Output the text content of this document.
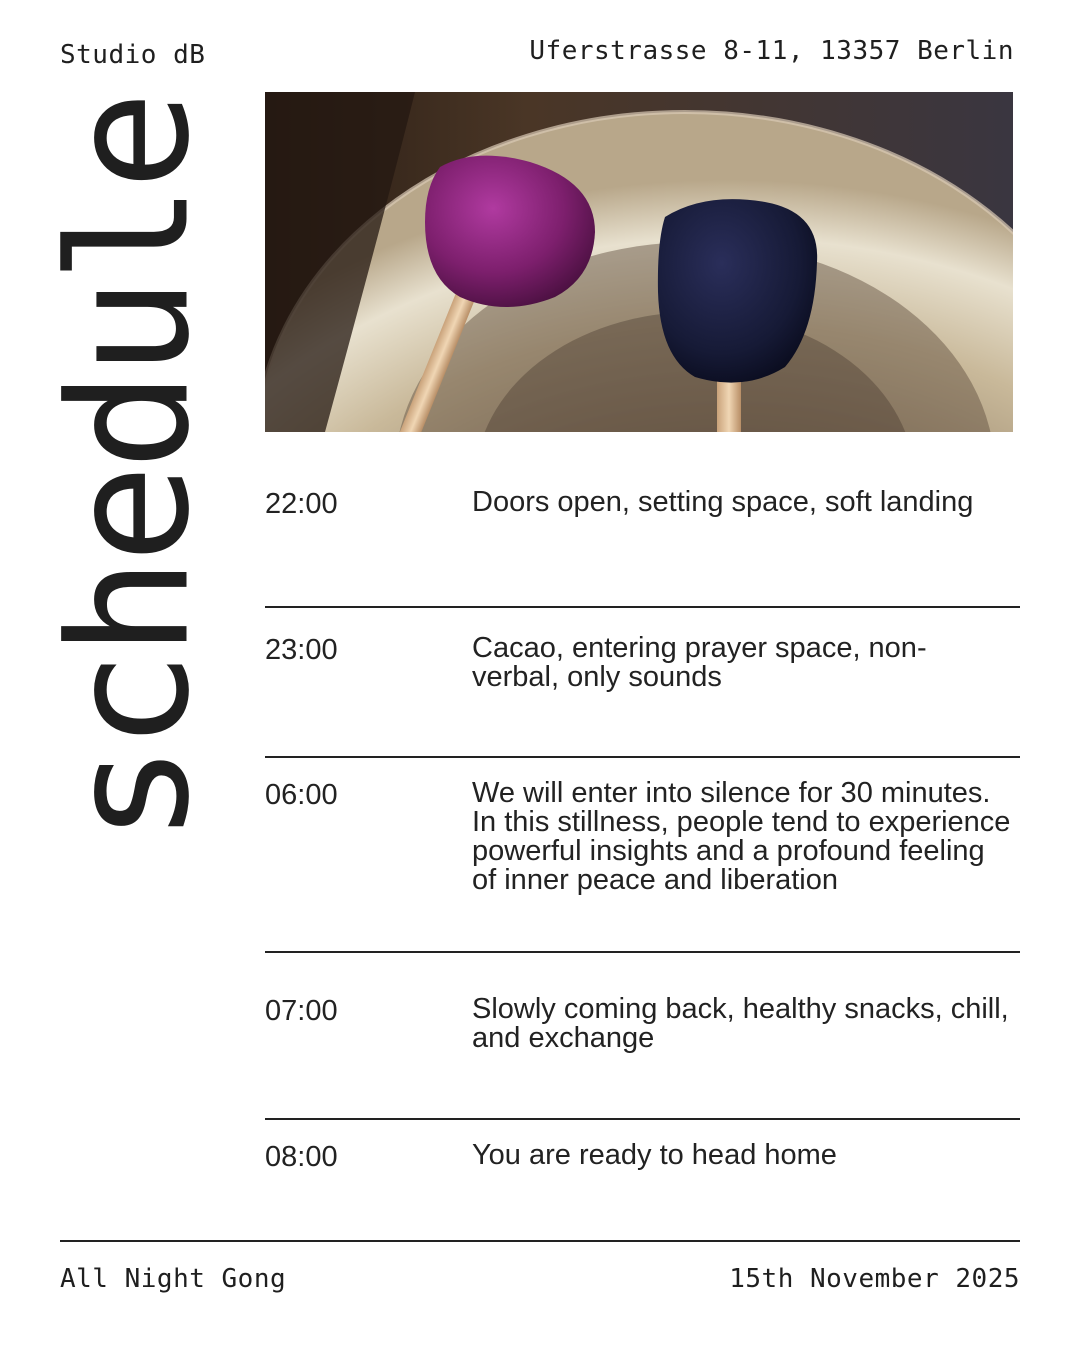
Studio dB	Uferstrasse 8-11, 13357 Berlin
schedule 22:00	Doors open, setting space, soft landing
23:00	Cacao, entering prayer space, non-verbal, only sounds
06:00	We will enter into silence for 30 minutes. In this stillness, people tend to experience powerful insights and a profound feeling of inner peace and liberation
07:00	Slowly coming back, healthy snacks, chill, and exchange
08:00	You are ready to head home
All Night Gong	15th November 2025
